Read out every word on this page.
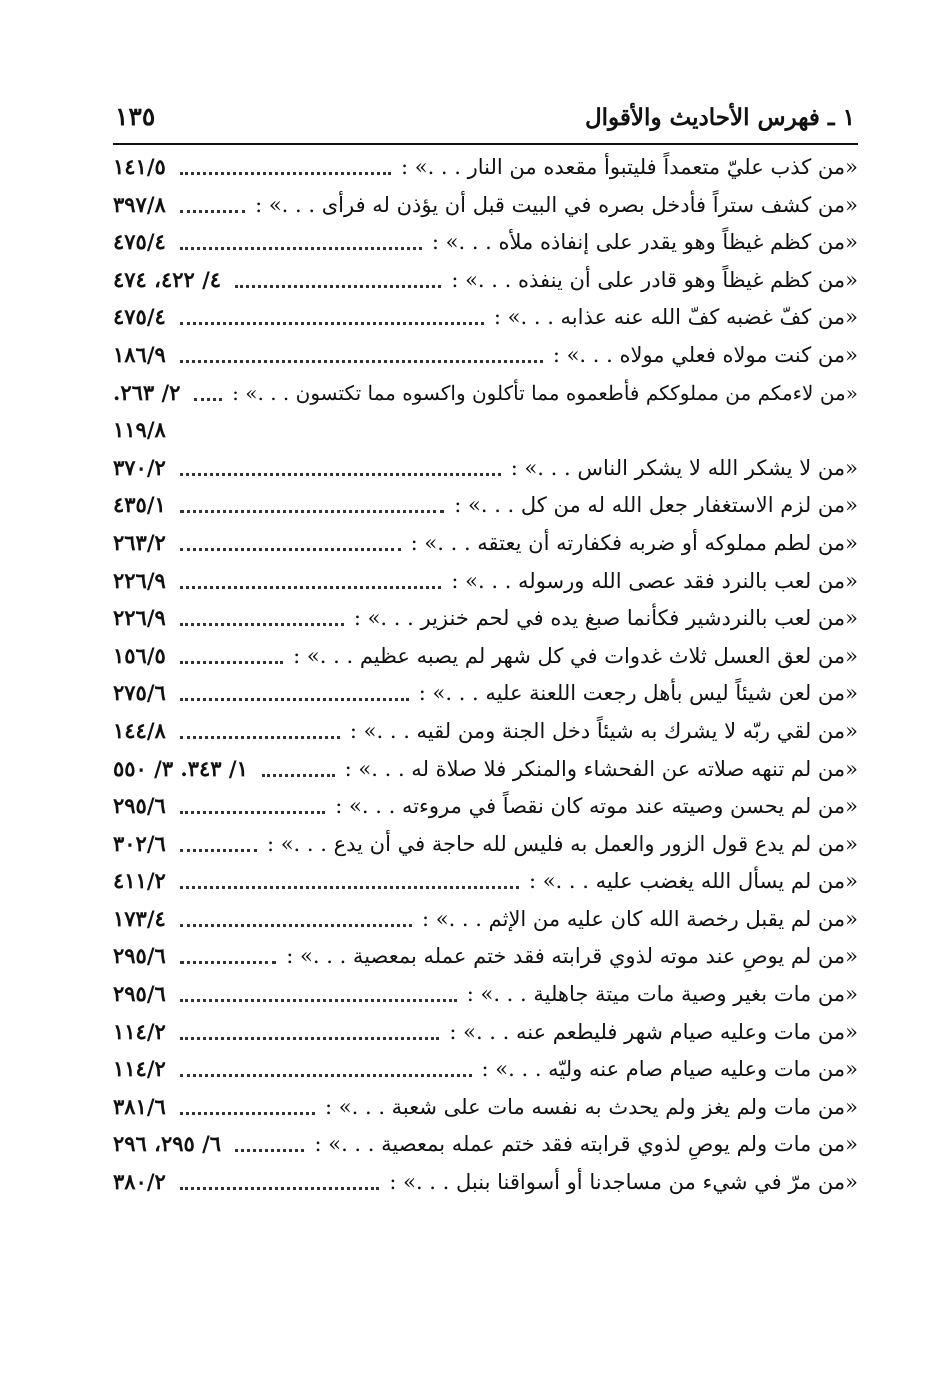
١ ـ فهرس الأحاديث والأقوال
١٣٥
«من كذب عليّ متعمداً فليتبوأ مقعده من النار . . .» :
١٤١/٥
«من كشف ستراً فأدخل بصره في البيت قبل أن يؤذن له فرأى . . .» :
٣٩٧/٨
«من كظم غيظاً وهو يقدر على إنفاذه ملأه . . .» :
٤٧٥/٤
«من كظم غيظاً وهو قادر على أن ينفذه . . .» :
٤/ ٤٢٢، ٤٧٤
«من كفّ غضبه كفّ الله عنه عذابه . . .» :
٤٧٥/٤
«من كنت مولاه فعلي مولاه . . .» :
١٨٦/٩
«من لاءمكم من مملوككم فأطعموه مما تأكلون واكسوه مما تكتسون . . .» :
٢/ ٢٦٣.
١١٩/٨
«من لا يشكر الله لا يشكر الناس . . .» :
٣٧٠/٢
«من لزم الاستغفار جعل الله له من كل . . .» :
٤٣٥/١
«من لطم مملوكه أو ضربه فكفارته أن يعتقه . . .» :
٢٦٣/٢
«من لعب بالنرد فقد عصى الله ورسوله . . .» :
٢٢٦/٩
«من لعب بالنردشير فكأنما صبغ يده في لحم خنزير . . .» :
٢٢٦/٩
«من لعق العسل ثلاث غدوات في كل شهر لم يصبه عظيم . . .» :
١٥٦/٥
«من لعن شيئاً ليس بأهل رجعت اللعنة عليه . . .» :
٢٧٥/٦
«من لقي ربّه لا يشرك به شيئاً دخل الجنة ومن لقيه . . .» :
١٤٤/٨
«من لم تنهه صلاته عن الفحشاء والمنكر فلا صلاة له . . .» :
١/ ٣٤٣. ٣/ ٥٥٠
«من لم يحسن وصيته عند موته كان نقصاً في مروءته . . .» :
٢٩٥/٦
«من لم يدع قول الزور والعمل به فليس لله حاجة في أن يدع . . .» :
٣٠٢/٦
«من لم يسأل الله يغضب عليه . . .» :
٤١١/٢
«من لم يقبل رخصة الله كان عليه من الإثم . . .» :
١٧٣/٤
«من لم يوصِ عند موته لذوي قرابته فقد ختم عمله بمعصية . . .» :
٢٩٥/٦
«من مات بغير وصية مات ميتة جاهلية . . .» :
٢٩٥/٦
«من مات وعليه صيام شهر فليطعم عنه . . .» :
١١٤/٢
«من مات وعليه صيام صام عنه وليّه . . .» :
١١٤/٢
«من مات ولم يغز ولم يحدث به نفسه مات على شعبة . . .» :
٣٨١/٦
«من مات ولم يوصِ لذوي قرابته فقد ختم عمله بمعصية . . .» :
٦/ ٢٩٥، ٢٩٦
«من مرّ في شيء من مساجدنا أو أسواقنا بنبل . . .» :
٣٨٠/٢
